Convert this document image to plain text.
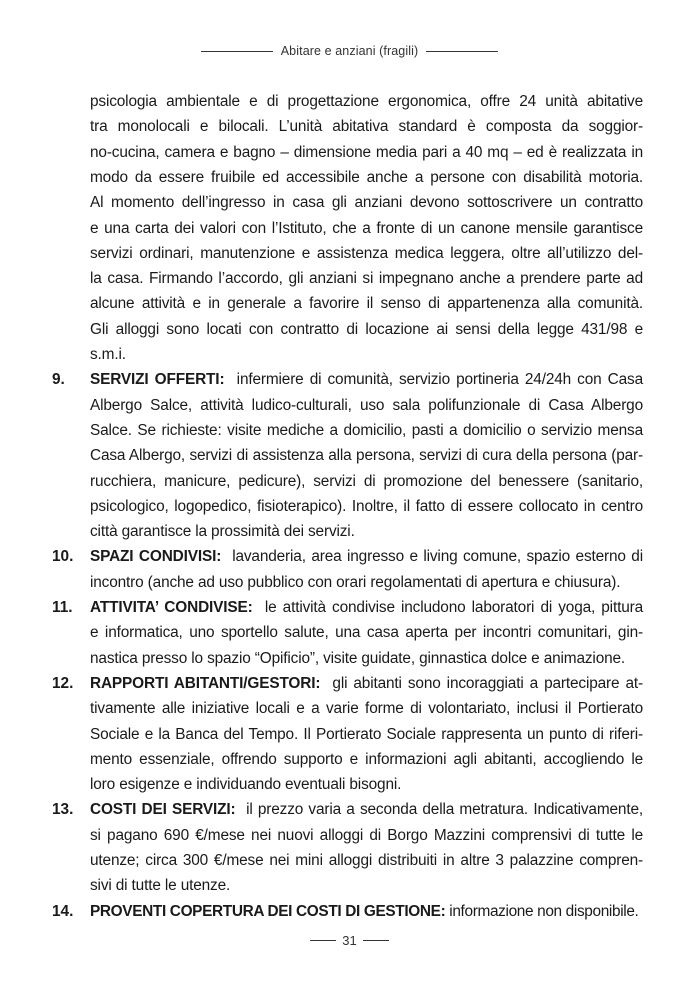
Abitare e anziani (fragili)
psicologia ambientale e di progettazione ergonomica, offre 24 unità abitative
tra monolocali e bilocali. L’unità abitativa standard è composta da soggior-
no-cucina, camera e bagno – dimensione media pari a 40 mq – ed è realizzata in
modo da essere fruibile ed accessibile anche a persone con disabilità motoria.
Al momento dell’ingresso in casa gli anziani devono sottoscrivere un contratto
e una carta dei valori con l’Istituto, che a fronte di un canone mensile garantisce
servizi ordinari, manutenzione e assistenza medica leggera, oltre all’utilizzo del-
la casa. Firmando l’accordo, gli anziani si impegnano anche a prendere parte ad
alcune attività e in generale a favorire il senso di appartenenza alla comunità.
Gli alloggi sono locati con contratto di locazione ai sensi della legge 431/98 e
s.m.i.
9. SERVIZI OFFERTI: infermiere di comunità, servizio portineria 24/24h con Casa
Albergo Salce, attività ludico-culturali, uso sala polifunzionale di Casa Albergo
Salce. Se richieste: visite mediche a domicilio, pasti a domicilio o servizio mensa
Casa Albergo, servizi di assistenza alla persona, servizi di cura della persona (par-
rucchiera, manicure, pedicure), servizi di promozione del benessere (sanitario,
psicologico, logopedico, fisioterapico). Inoltre, il fatto di essere collocato in centro
città garantisce la prossimità dei servizi.
10. SPAZI CONDIVISI: lavanderia, area ingresso e living comune, spazio esterno di
incontro (anche ad uso pubblico con orari regolamentati di apertura e chiusura).
11. ATTIVITA’ CONDIVISE: le attività condivise includono laboratori di yoga, pittura
e informatica, uno sportello salute, una casa aperta per incontri comunitari, gin-
nastica presso lo spazio “Opificio”, visite guidate, ginnastica dolce e animazione.
12. RAPPORTI ABITANTI/GESTORI: gli abitanti sono incoraggiati a partecipare at-
tivamente alle iniziative locali e a varie forme di volontariato, inclusi il Portierato
Sociale e la Banca del Tempo. Il Portierato Sociale rappresenta un punto di riferi-
mento essenziale, offrendo supporto e informazioni agli abitanti, accogliendo le
loro esigenze e individuando eventuali bisogni.
13. COSTI DEI SERVIZI: il prezzo varia a seconda della metratura. Indicativamente,
si pagano 690 €/mese nei nuovi alloggi di Borgo Mazzini comprensivi di tutte le
utenze; circa 300 €/mese nei mini alloggi distribuiti in altre 3 palazzine compren-
sivi di tutte le utenze.
14. PROVENTI COPERTURA DEI COSTI DI GESTIONE: informazione non disponibile.
31
